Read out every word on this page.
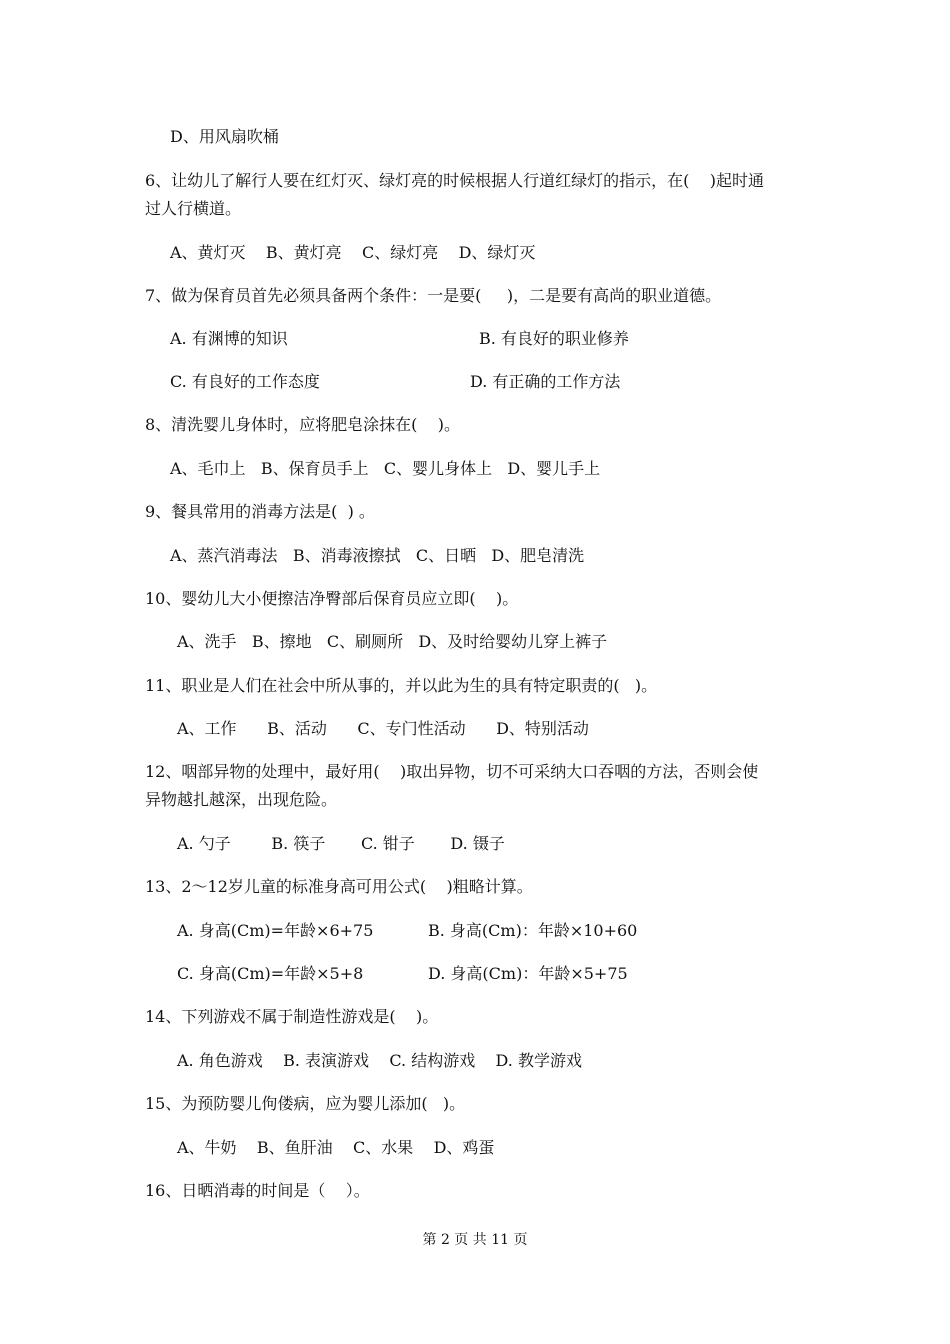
D、用风扇吹桶
6、让幼儿了解行人要在红灯灭、绿灯亮的时候根据人行道红绿灯的指示，在(    )起时通
过人行横道。
A、黄灯灭    B、黄灯亮    C、绿灯亮    D、绿灯灭
7、做为保育员首先必须具备两个条件：一是要(     )，二是要有高尚的职业道德。
A. 有渊博的知识	B. 有良好的职业修养
C. 有良好的工作态度	D. 有正确的工作方法
8、清洗婴儿身体时，应将肥皂涂抹在(    )。
A、毛巾上   B、保育员手上   C、婴儿身体上   D、婴儿手上
9、餐具常用的消毒方法是(  ) 。
A、蒸汽消毒法   B、消毒液擦拭   C、日晒   D、肥皂清洗
10、婴幼儿大小便擦洁净臀部后保育员应立即(    )。
A、洗手   B、擦地   C、刷厕所   D、及时给婴幼儿穿上裤子
11、职业是人们在社会中所从事的，并以此为生的具有特定职责的(   )。
A、工作      B、活动      C、专门性活动      D、特别活动
12、咽部异物的处理中，最好用(    )取出异物，切不可采纳大口吞咽的方法，否则会使
异物越扎越深，出现危险。
A. 勺子        B. 筷子       C. 钳子       D. 镊子
13、2～12岁儿童的标准身高可用公式(    )粗略计算。
A. 身高(Cm)=年龄×6+75	B. 身高(Cm)：年龄×10+60
C. 身高(Cm)=年龄×5+8	D. 身高(Cm)：年龄×5+75
14、下列游戏不属于制造性游戏是(    )。
A. 角色游戏    B. 表演游戏    C. 结构游戏    D. 教学游戏
15、为预防婴儿佝偻病，应为婴儿添加(   )。
A、牛奶    B、鱼肝油    C、水果    D、鸡蛋
16、日晒消毒的时间是（    ）。
第 2 页 共 11 页
